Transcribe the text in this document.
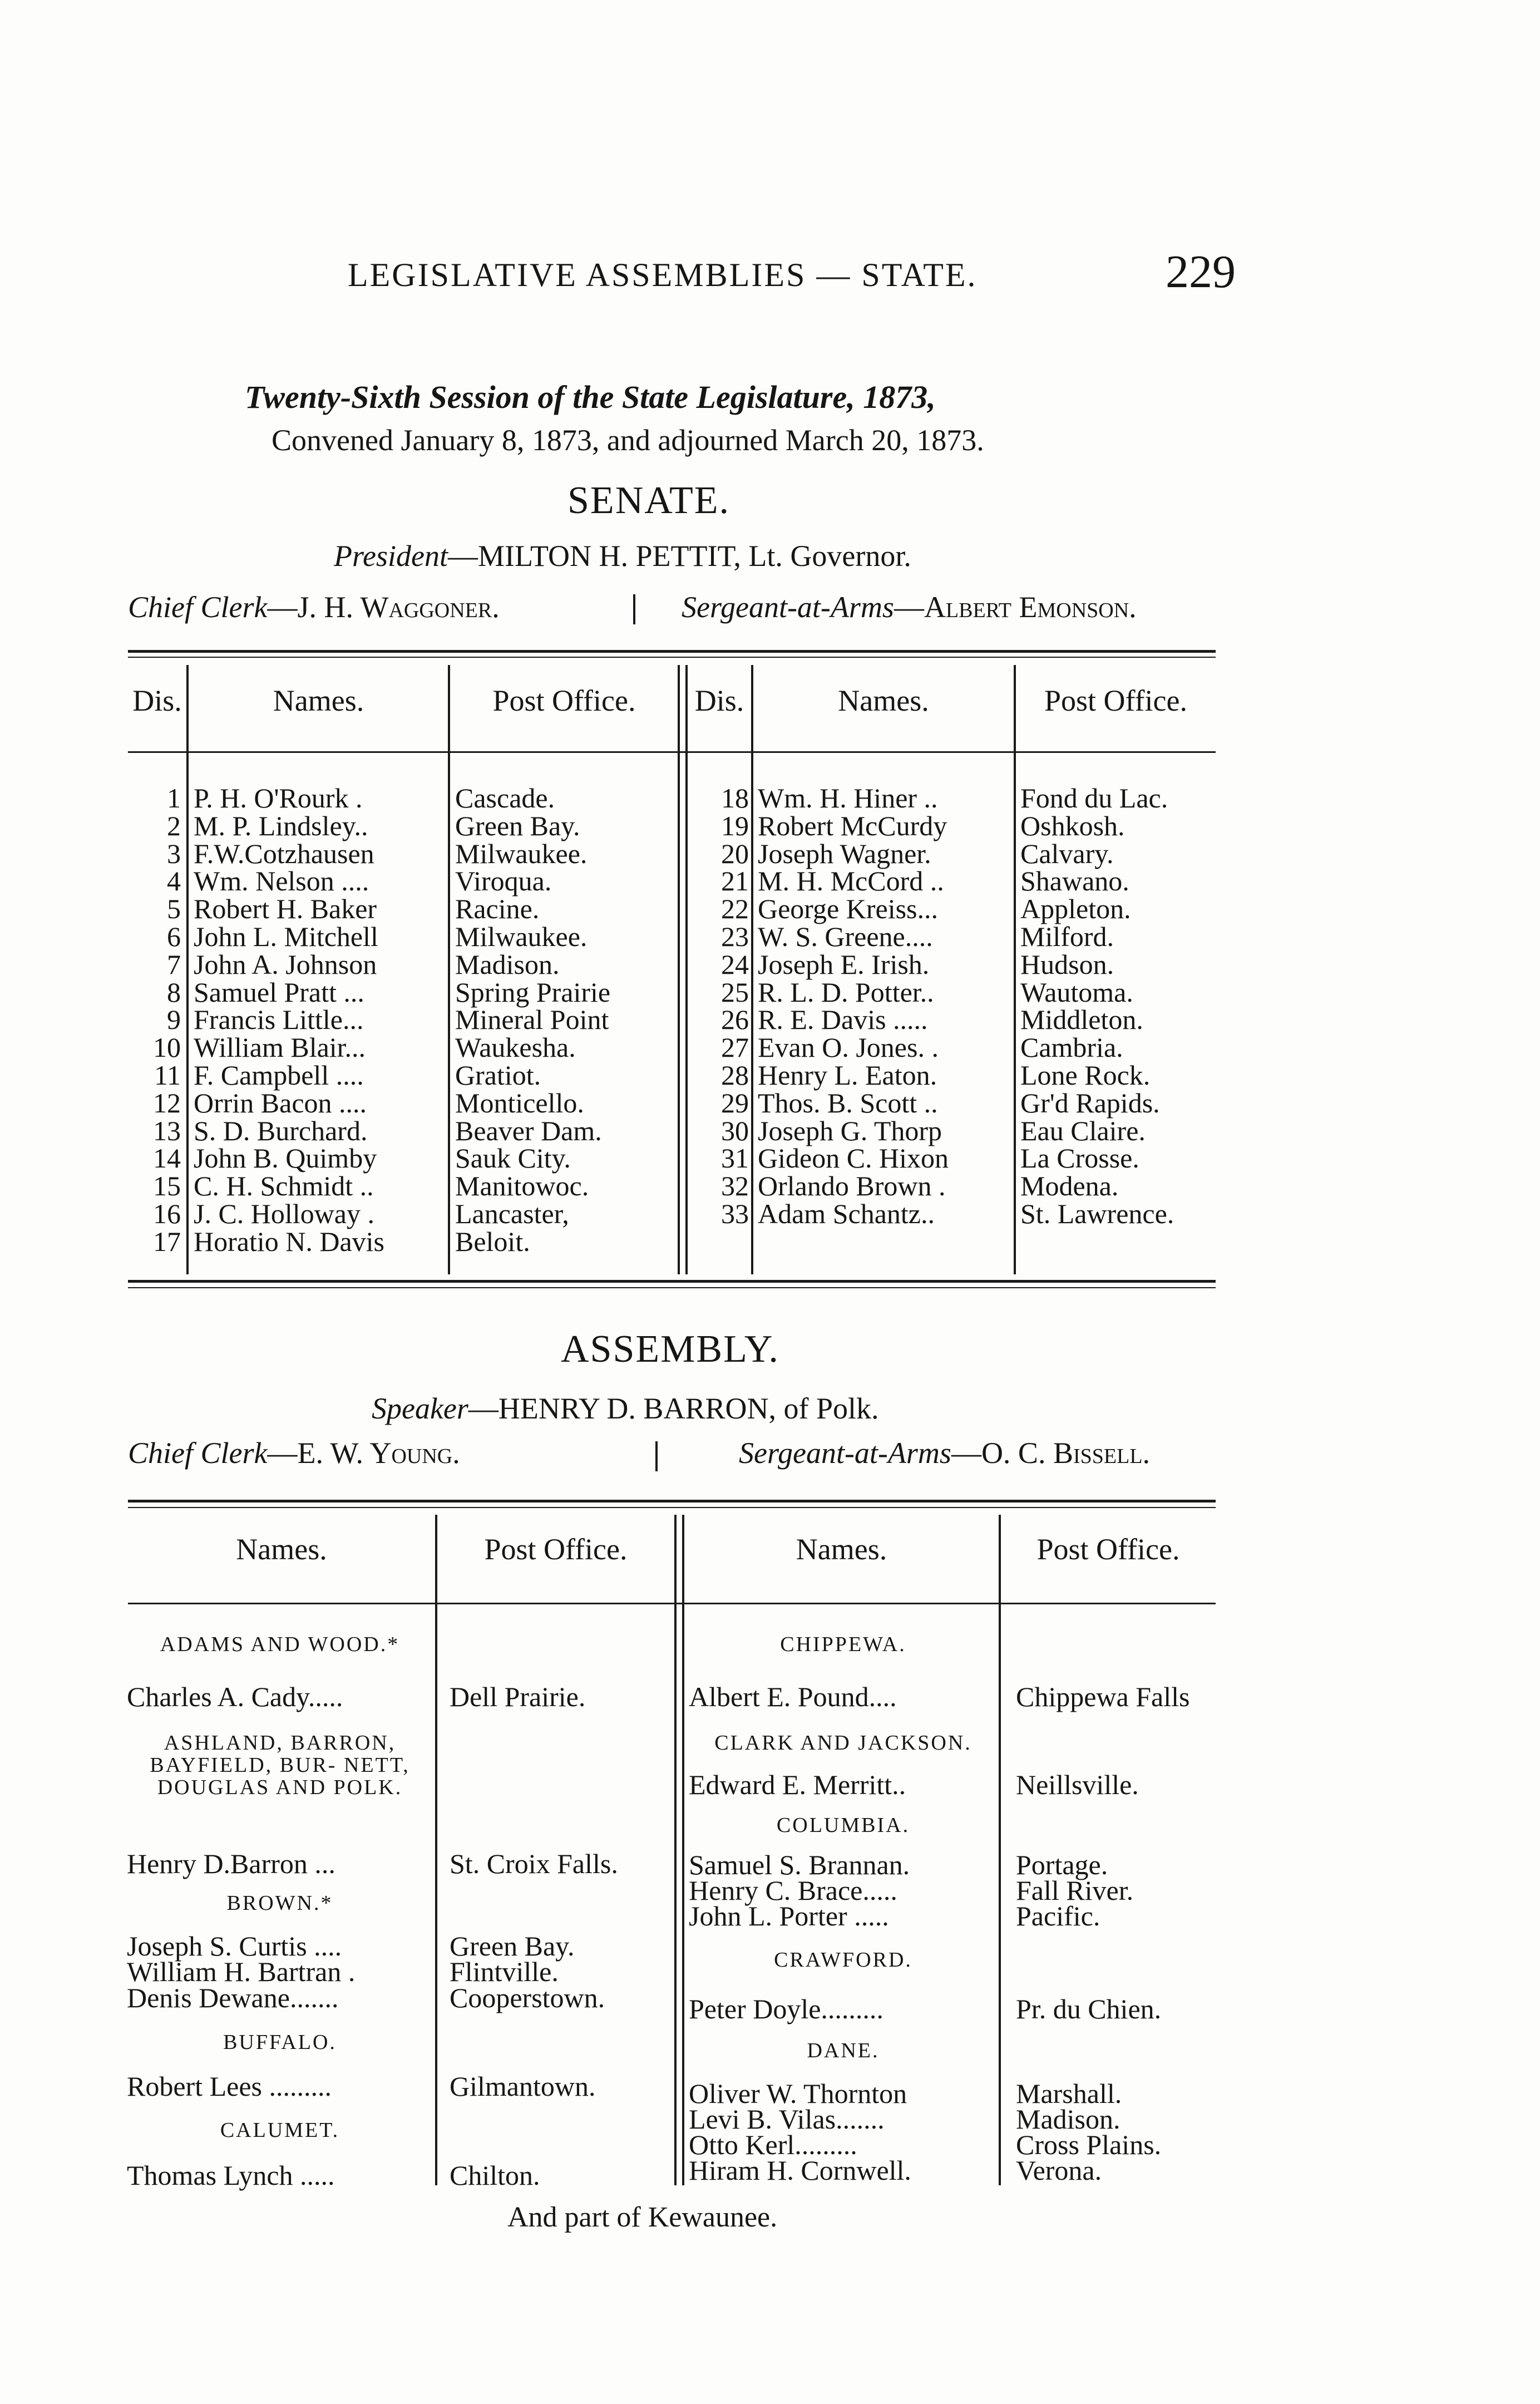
LEGISLATIVE ASSEMBLIES — STATE.	229
Twenty-Sixth Session of the State Legislature, 1873,
Convened January 8, 1873, and adjourned March 20, 1873.
SENATE.
President—MILTON H. PETTIT, Lt. Governor.
Chief Clerk—J. H. Waggoner.	Sergeant-at-Arms—Albert Emonson.
Dis.	Names.	Post Office.	Dis.	Names.	Post Office.
1 P. H. O'Rourk .	Cascade.
2 M. P. Lindsley..	Green Bay.
3 F.W.Cotzhausen	Milwaukee.
4 Wm. Nelson ....	Viroqua.
5 Robert H. Baker	Racine.
6 John L. Mitchell	Milwaukee.
7 John A. Johnson	Madison.
8 Samuel Pratt ...	Spring Prairie
9 Francis Little...	Mineral Point
10 William Blair...	Waukesha.
11 F. Campbell ....	Gratiot.
12 Orrin Bacon ....	Monticello.
13 S. D. Burchard.	Beaver Dam.
14 John B. Quimby	Sauk City.
15 C. H. Schmidt ..	Manitowoc.
16 J. C. Holloway .	Lancaster,
17 Horatio N. Davis	Beloit.
18 Wm. H. Hiner ..	Fond du Lac.
19 Robert McCurdy	Oshkosh.
20 Joseph Wagner.	Calvary.
21 M. H. McCord ..	Shawano.
22 George Kreiss...	Appleton.
23 W. S. Greene....	Milford.
24 Joseph E. Irish.	Hudson.
25 R. L. D. Potter..	Wautoma.
26 R. E. Davis .....	Middleton.
27 Evan O. Jones. .	Cambria.
28 Henry L. Eaton.	Lone Rock.
29 Thos. B. Scott ..	Gr'd Rapids.
30 Joseph G. Thorp	Eau Claire.
31 Gideon C. Hixon	La Crosse.
32 Orlando Brown .	Modena.
33 Adam Schantz..	St. Lawrence.
ASSEMBLY.
Speaker—HENRY D. BARRON, of Polk.
Chief Clerk—E. W. Young.	Sergeant-at-Arms—O. C. Bissell.
Names.	Post Office.	Names.	Post Office.
ADAMS AND WOOD.*
Charles A. Cady.....	Dell Prairie.
ASHLAND, BARRON, BAYFIELD, BUR- NETT, DOUGLAS AND POLK.
Henry D.Barron ...	St. Croix Falls.
BROWN.*
Joseph S. Curtis ....	Green Bay.
William H. Bartran .	Flintville.
Denis Dewane.......	Cooperstown.
BUFFALO.
Robert Lees .........	Gilmantown.
CALUMET.
Thomas Lynch .....	Chilton.
CHIPPEWA.
Albert E. Pound....	Chippewa Falls
CLARK AND JACKSON.
Edward E. Merritt..	Neillsville.
COLUMBIA.
Samuel S. Brannan.	Portage.
Henry C. Brace.....	Fall River.
John L. Porter .....	Pacific.
CRAWFORD.
Peter Doyle.........	Pr. du Chien.
DANE.
Oliver W. Thornton	Marshall.
Levi B. Vilas.......	Madison.
Otto Kerl.........	Cross Plains.
Hiram H. Cornwell.	Verona.
And part of Kewaunee.
